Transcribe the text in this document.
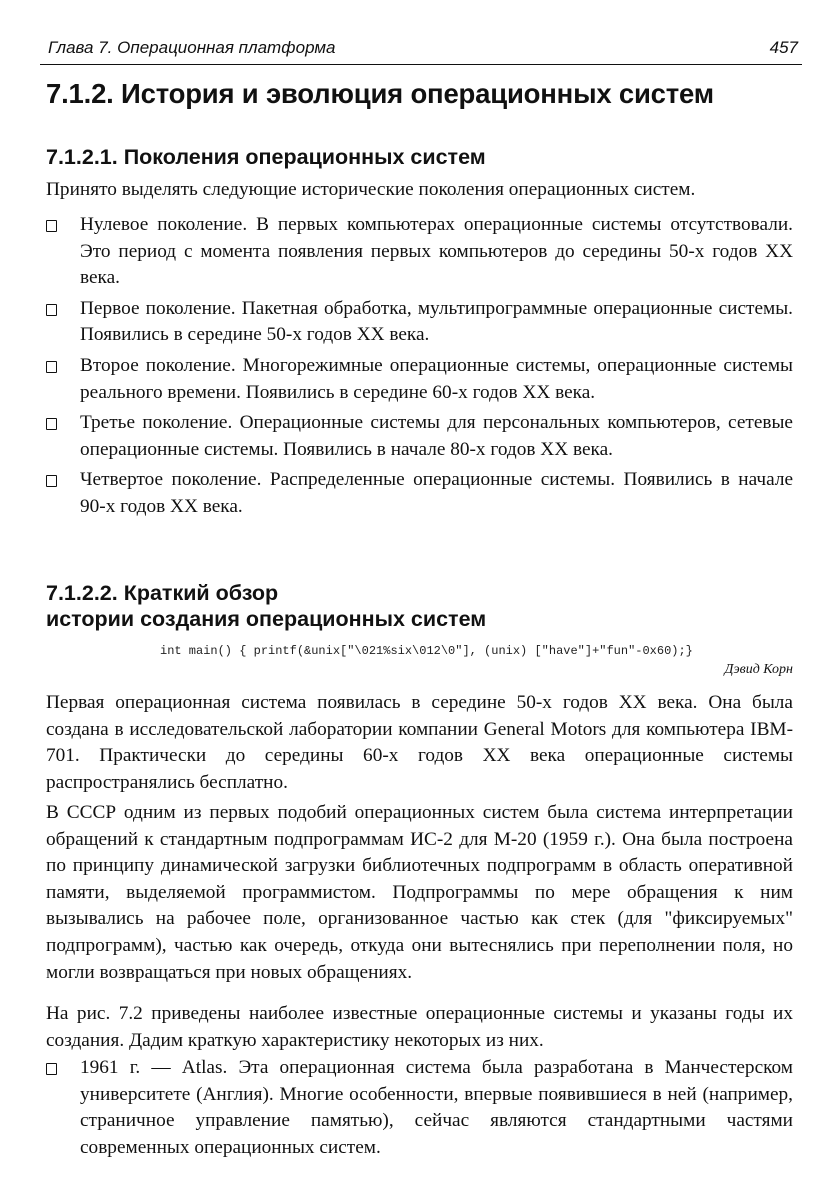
Глава 7. Операционная платформа	457
7.1.2. История и эволюция операционных систем
7.1.2.1. Поколения операционных систем

Принято выделять следующие исторические поколения операционных систем.

Нулевое поколение. В первых компьютерах операционные системы отсутствовали. Это период с момента появления первых компьютеров до середины 50-х годов XX века.
Первое поколение. Пакетная обработка, мультипрограммные операционные системы. Появились в середине 50-х годов XX века.
Второе поколение. Многорежимные операционные системы, операционные системы реального времени. Появились в середине 60-х годов XX века.
Третье поколение. Операционные системы для персональных компьютеров, сетевые операционные системы. Появились в начале 80-х годов XX века.
Четвертое поколение. Распределенные операционные системы. Появились в начале 90-х годов XX века.
7.1.2.2. Краткий обзор
истории создания операционных систем
int main() { printf(&unix["\021%six\012\0"], (unix) ["have"]+"fun"-0x60);}
Дэвид Корн

Первая операционная система появилась в середине 50-х годов XX века. Она была создана в исследовательской лаборатории компании General Motors для компьютера IBM-701. Практически до середины 60-х годов XX века операционные системы распространялись бесплатно.

В СССР одним из первых подобий операционных систем была система интерпретации обращений к стандартным подпрограммам ИС-2 для М-20 (1959 г.). Она была построена по принципу динамической загрузки библиотечных подпрограмм в область оперативной памяти, выделяемой программистом. Подпрограммы по мере обращения к ним вызывались на рабочее поле, организованное частью как стек (для "фиксируемых" подпрограмм), частью как очередь, откуда они вытеснялись при переполнении поля, но могли возвращаться при новых обращениях.

На рис. 7.2 приведены наиболее известные операционные системы и указаны годы их создания. Дадим краткую характеристику некоторых из них.

1961 г. — Atlas. Эта операционная система была разработана в Манчестерском университете (Англия). Многие особенности, впервые появившиеся в ней (например, страничное управление памятью), сейчас являются стандартными частями современных операционных систем.
